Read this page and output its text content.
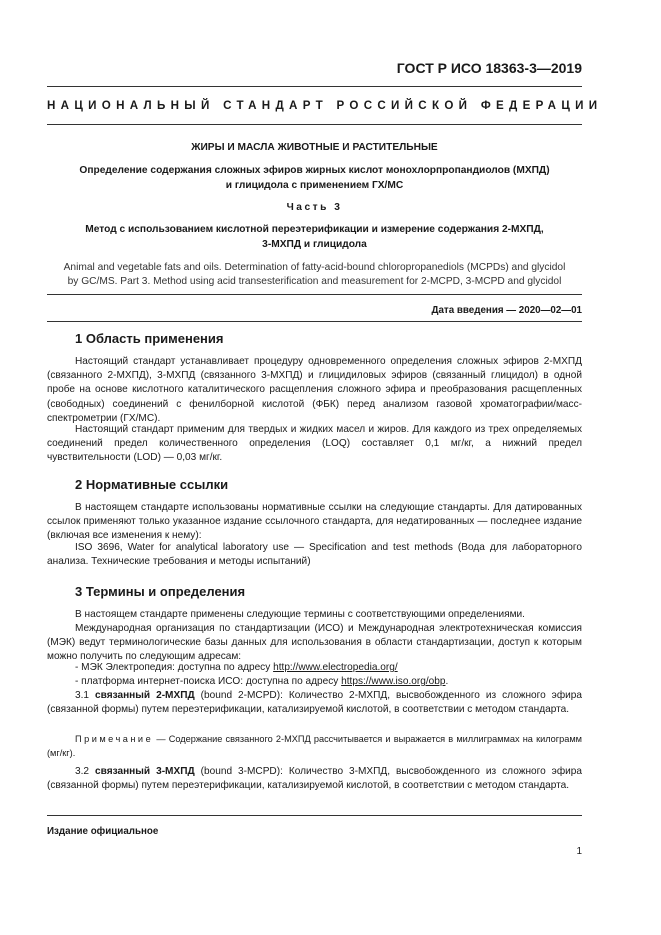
ГОСТ Р ИСО 18363-3—2019
НАЦИОНАЛЬНЫЙ СТАНДАРТ РОССИЙСКОЙ ФЕДЕРАЦИИ
ЖИРЫ И МАСЛА ЖИВОТНЫЕ И РАСТИТЕЛЬНЫЕ
Определение содержания сложных эфиров жирных кислот монохлорпропандиолов (МХПД)
и глицидола с применением ГХ/МС
Часть 3
Метод с использованием кислотной переэтерификации и измерение содержания 2-МХПД,
3-МХПД и глицидола
Animal and vegetable fats and oils. Determination of fatty-acid-bound chloropropanediols (MCPDs) and glycidol
by GC/MS. Part 3. Method using acid transesterification and measurement for 2-MCPD, 3-MCPD and glycidol
Дата введения — 2020—02—01
1 Область применения
Настоящий стандарт устанавливает процедуру одновременного определения сложных эфиров 2-МХПД (связанного 2-МХПД), 3-МХПД (связанного 3-МХПД) и глицидиловых эфиров (связанный глицидол) в одной пробе на основе кислотного каталитического расщепления сложного эфира и преобразования расщепленных (свободных) соединений с фенилборной кислотой (ФБК) перед анализом газовой хроматографии/масс-спектрометрии (ГХ/МС).
Настоящий стандарт применим для твердых и жидких масел и жиров. Для каждого из трех определяемых соединений предел количественного определения (LOQ) составляет 0,1 мг/кг, а нижний предел чувствительности (LOD) — 0,03 мг/кг.
2 Нормативные ссылки
В настоящем стандарте использованы нормативные ссылки на следующие стандарты. Для датированных ссылок применяют только указанное издание ссылочного стандарта, для недатированных — последнее издание (включая все изменения к нему):
ISO 3696, Water for analytical laboratory use — Specification and test methods (Вода для лабораторного анализа. Технические требования и методы испытаний)
3 Термины и определения
В настоящем стандарте применены следующие термины с соответствующими определениями.
Международная организация по стандартизации (ИСО) и Международная электротехническая комиссия (МЭК) ведут терминологические базы данных для использования в области стандартизации, доступ к которым можно получить по следующим адресам:
- МЭК Электропедия: доступна по адресу http://www.electropedia.org/
- платформа интернет-поиска ИСО: доступна по адресу https://www.iso.org/obp.
3.1 связанный 2-МХПД (bound 2-MCPD): Количество 2-МХПД, высвобожденного из сложного эфира (связанной формы) путем переэтерификации, катализируемой кислотой, в соответствии с методом стандарта.
Примечание — Содержание связанного 2-МХПД рассчитывается и выражается в миллиграммах на килограмм (мг/кг).
3.2 связанный 3-МХПД (bound 3-MCPD): Количество 3-МХПД, высвобожденного из сложного эфира (связанной формы) путем переэтерификации, катализируемой кислотой, в соответствии с методом стандарта.
Издание официальное
1
